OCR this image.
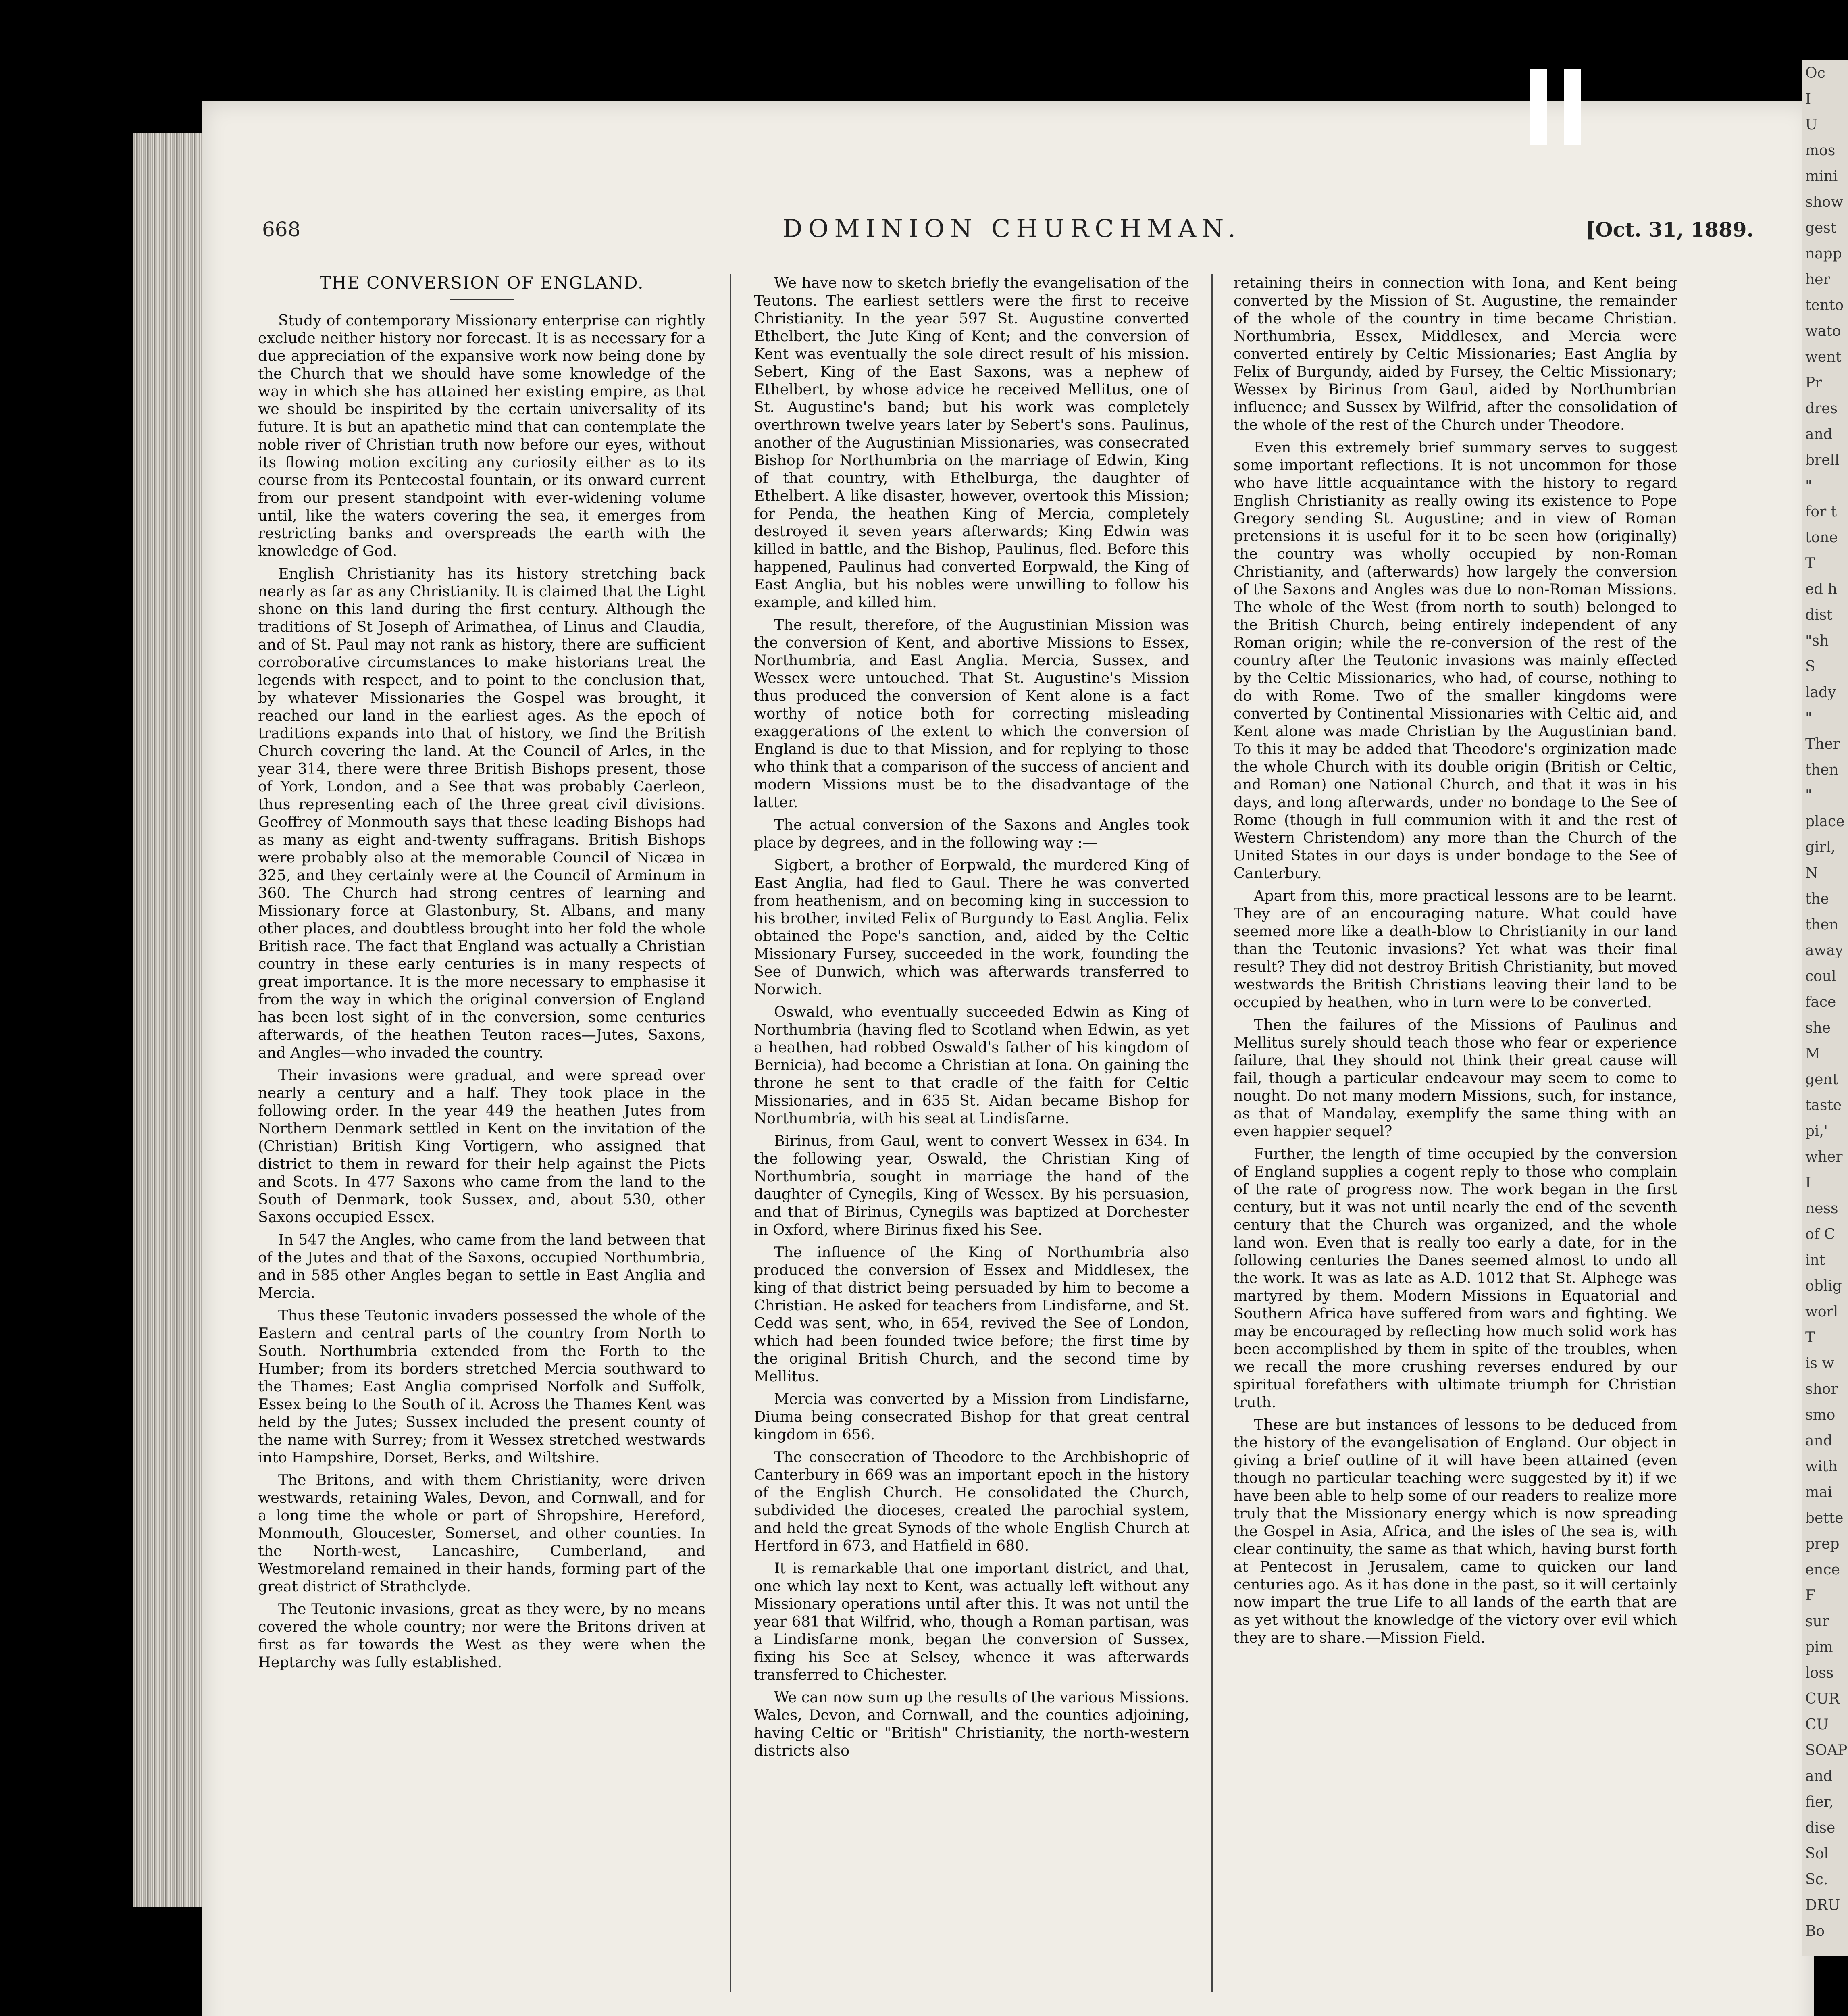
Oc
I
U
mos
mini
show
gest
napp
her
tento
wato
went
Pr
dres
and
brell
"
for t
tone
T
ed h
dist
"sh
S
lady
"
Ther
then
"
place
girl,
N
the
then
away
coul
face
she
M
gent
taste
pi,'
wher
I
ness
of C
int
oblig
worl
T
is w
shor
smo
and
with
mai
bette
prep
ence
F
sur
pim
loss
CUR
CU
SOAP
and
fier,
dise
Sol
Sc.
DRU
Bo
668	DOMINION CHURCHMAN.	[Oct. 31, 1889.

THE CONVERSION OF ENGLAND.

Study of contemporary Missionary enterprise can rightly exclude neither history nor forecast. It is as necessary for a due appreciation of the expansive work now being done by the Church that we should have some knowledge of the way in which she has attained her existing empire, as that we should be inspirited by the certain universality of its future. It is but an apathetic mind that can contemplate the noble river of Christian truth now before our eyes, without its flowing motion exciting any curiosity either as to its course from its Pentecostal fountain, or its onward current from our present standpoint with ever-widening volume until, like the waters covering the sea, it emerges from restricting banks and overspreads the earth with the knowledge of God.

English Christianity has its history stretching back nearly as far as any Christianity. It is claimed that the Light shone on this land during the first century. Although the traditions of St Joseph of Arimathea, of Linus and Claudia, and of St. Paul may not rank as history, there are sufficient corroborative circumstances to make historians treat the legends with respect, and to point to the conclusion that, by whatever Missionaries the Gospel was brought, it reached our land in the earliest ages. As the epoch of traditions expands into that of history, we find the British Church covering the land. At the Council of Arles, in the year 314, there were three British Bishops present, those of York, London, and a See that was probably Caerleon, thus representing each of the three great civil divisions. Geoffrey of Monmouth says that these leading Bishops had as many as eight and-twenty suffragans. British Bishops were probably also at the memorable Council of Nicæa in 325, and they certainly were at the Council of Arminum in 360. The Church had strong centres of learning and Missionary force at Glastonbury, St. Albans, and many other places, and doubtless brought into her fold the whole British race. The fact that England was actually a Christian country in these early centuries is in many respects of great importance. It is the more necessary to emphasise it from the way in which the original conversion of England has been lost sight of in the conversion, some centuries afterwards, of the heathen Teuton races—Jutes, Saxons, and Angles—who invaded the country.

Their invasions were gradual, and were spread over nearly a century and a half. They took place in the following order. In the year 449 the heathen Jutes from Northern Denmark settled in Kent on the invitation of the (Christian) British King Vortigern, who assigned that district to them in reward for their help against the Picts and Scots. In 477 Saxons who came from the land to the South of Denmark, took Sussex, and, about 530, other Saxons occupied Essex.

In 547 the Angles, who came from the land between that of the Jutes and that of the Saxons, occupied Northumbria, and in 585 other Angles began to settle in East Anglia and Mercia.

Thus these Teutonic invaders possessed the whole of the Eastern and central parts of the country from North to South. Northumbria extended from the Forth to the Humber; from its borders stretched Mercia southward to the Thames; East Anglia comprised Norfolk and Suffolk, Essex being to the South of it. Across the Thames Kent was held by the Jutes; Sussex included the present county of the name with Surrey; from it Wessex stretched westwards into Hampshire, Dorset, Berks, and Wiltshire.

The Britons, and with them Christianity, were driven westwards, retaining Wales, Devon, and Cornwall, and for a long time the whole or part of Shropshire, Hereford, Monmouth, Gloucester, Somerset, and other counties. In the North-west, Lancashire, Cumberland, and Westmoreland remained in their hands, forming part of the great district of Strathclyde.

The Teutonic invasions, great as they were, by no means covered the whole country; nor were the Britons driven at first as far towards the West as they were when the Heptarchy was fully established.

We have now to sketch briefly the evangelisation of the Teutons. The earliest settlers were the first to receive Christianity. In the year 597 St. Augustine converted Ethelbert, the Jute King of Kent; and the conversion of Kent was eventually the sole direct result of his mission. Sebert, King of the East Saxons, was a nephew of Ethelbert, by whose advice he received Mellitus, one of St. Augustine's band; but his work was completely overthrown twelve years later by Sebert's sons. Paulinus, another of the Augustinian Missionaries, was consecrated Bishop for Northumbria on the marriage of Edwin, King of that country, with Ethelburga, the daughter of Ethelbert. A like disaster, however, overtook this Mission; for Penda, the heathen King of Mercia, completely destroyed it seven years afterwards; King Edwin was killed in battle, and the Bishop, Paulinus, fled. Before this happened, Paulinus had converted Eorpwald, the King of East Anglia, but his nobles were unwilling to follow his example, and killed him.

The result, therefore, of the Augustinian Mission was the conversion of Kent, and abortive Missions to Essex, Northumbria, and East Anglia. Mercia, Sussex, and Wessex were untouched. That St. Augustine's Mission thus produced the conversion of Kent alone is a fact worthy of notice both for correcting misleading exaggerations of the extent to which the conversion of England is due to that Mission, and for replying to those who think that a comparison of the success of ancient and modern Missions must be to the disadvantage of the latter.

The actual conversion of the Saxons and Angles took place by degrees, and in the following way :—

Sigbert, a brother of Eorpwald, the murdered King of East Anglia, had fled to Gaul. There he was converted from heathenism, and on becoming king in succession to his brother, invited Felix of Burgundy to East Anglia. Felix obtained the Pope's sanction, and, aided by the Celtic Missionary Fursey, succeeded in the work, founding the See of Dunwich, which was afterwards transferred to Norwich.

Oswald, who eventually succeeded Edwin as King of Northumbria (having fled to Scotland when Edwin, as yet a heathen, had robbed Oswald's father of his kingdom of Bernicia), had become a Christian at Iona. On gaining the throne he sent to that cradle of the faith for Celtic Missionaries, and in 635 St. Aidan became Bishop for Northumbria, with his seat at Lindisfarne.

Birinus, from Gaul, went to convert Wessex in 634. In the following year, Oswald, the Christian King of Northumbria, sought in marriage the hand of the daughter of Cynegils, King of Wessex. By his persuasion, and that of Birinus, Cynegils was baptized at Dorchester in Oxford, where Birinus fixed his See.

The influence of the King of Northumbria also produced the conversion of Essex and Middlesex, the king of that district being persuaded by him to become a Christian. He asked for teachers from Lindisfarne, and St. Cedd was sent, who, in 654, revived the See of London, which had been founded twice before; the first time by the original British Church, and the second time by Mellitus.

Mercia was converted by a Mission from Lindisfarne, Diuma being consecrated Bishop for that great central kingdom in 656.

The consecration of Theodore to the Archbishopric of Canterbury in 669 was an important epoch in the history of the English Church. He consolidated the Church, subdivided the dioceses, created the parochial system, and held the great Synods of the whole English Church at Hertford in 673, and Hatfield in 680.

It is remarkable that one important district, and that, one which lay next to Kent, was actually left without any Missionary operations until after this. It was not until the year 681 that Wilfrid, who, though a Roman partisan, was a Lindisfarne monk, began the conversion of Sussex, fixing his See at Selsey, whence it was afterwards transferred to Chichester.

We can now sum up the results of the various Missions. Wales, Devon, and Cornwall, and the counties adjoining, having Celtic or "British" Christianity, the north-western districts also

retaining theirs in connection with Iona, and Kent being converted by the Mission of St. Augustine, the remainder of the whole of the country in time became Christian. Northumbria, Essex, Middlesex, and Mercia were converted entirely by Celtic Missionaries; East Anglia by Felix of Burgundy, aided by Fursey, the Celtic Missionary; Wessex by Birinus from Gaul, aided by Northumbrian influence; and Sussex by Wilfrid, after the consolidation of the whole of the rest of the Church under Theodore.

Even this extremely brief summary serves to suggest some important reflections. It is not uncommon for those who have little acquaintance with the history to regard English Christianity as really owing its existence to Pope Gregory sending St. Augustine; and in view of Roman pretensions it is useful for it to be seen how (originally) the country was wholly occupied by non-Roman Christianity, and (afterwards) how largely the conversion of the Saxons and Angles was due to non-Roman Missions. The whole of the West (from north to south) belonged to the British Church, being entirely independent of any Roman origin; while the re-conversion of the rest of the country after the Teutonic invasions was mainly effected by the Celtic Missionaries, who had, of course, nothing to do with Rome. Two of the smaller kingdoms were converted by Continental Missionaries with Celtic aid, and Kent alone was made Christian by the Augustinian band. To this it may be added that Theodore's orginization made the whole Church with its double origin (British or Celtic, and Roman) one National Church, and that it was in his days, and long afterwards, under no bondage to the See of Rome (though in full communion with it and the rest of Western Christendom) any more than the Church of the United States in our days is under bondage to the See of Canterbury.

Apart from this, more practical lessons are to be learnt. They are of an encouraging nature. What could have seemed more like a death-blow to Christianity in our land than the Teutonic invasions? Yet what was their final result? They did not destroy British Christianity, but moved westwards the British Christians leaving their land to be occupied by heathen, who in turn were to be converted.

Then the failures of the Missions of Paulinus and Mellitus surely should teach those who fear or experience failure, that they should not think their great cause will fail, though a particular endeavour may seem to come to nought. Do not many modern Missions, such, for instance, as that of Mandalay, exemplify the same thing with an even happier sequel?

Further, the length of time occupied by the conversion of England supplies a cogent reply to those who complain of the rate of progress now. The work began in the first century, but it was not until nearly the end of the seventh century that the Church was organized, and the whole land won. Even that is really too early a date, for in the following centuries the Danes seemed almost to undo all the work. It was as late as A.D. 1012 that St. Alphege was martyred by them. Modern Missions in Equatorial and Southern Africa have suffered from wars and fighting. We may be encouraged by reflecting how much solid work has been accomplished by them in spite of the troubles, when we recall the more crushing reverses endured by our spiritual forefathers with ultimate triumph for Christian truth.

These are but instances of lessons to be deduced from the history of the evangelisation of England. Our object in giving a brief outline of it will have been attained (even though no particular teaching were suggested by it) if we have been able to help some of our readers to realize more truly that the Missionary energy which is now spreading the Gospel in Asia, Africa, and the isles of the sea is, with clear continuity, the same as that which, having burst forth at Pentecost in Jerusalem, came to quicken our land centuries ago. As it has done in the past, so it will certainly now impart the true Life to all lands of the earth that are as yet without the knowledge of the victory over evil which they are to share.—Mission Field.
